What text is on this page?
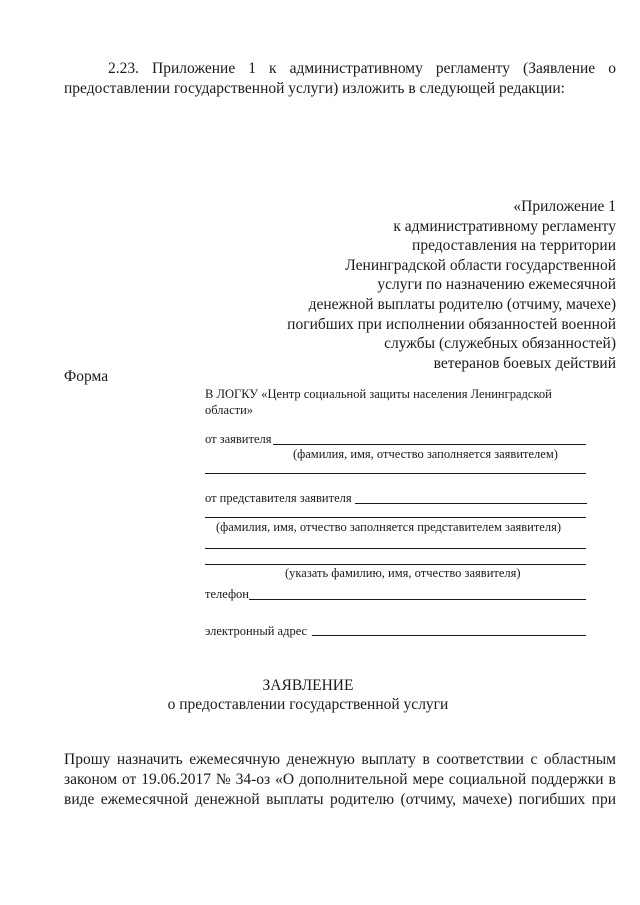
2.23. Приложение 1 к административному регламенту (Заявление о
предоставлении государственной услуги) изложить в следующей редакции:
«Приложение 1
к административному регламенту
предоставления на территории
Ленинградской области государственной
услуги по назначению ежемесячной
денежной выплаты родителю (отчиму, мачехе)
погибших при исполнении обязанностей военной
службы (служебных обязанностей)
ветеранов боевых действий
Форма
В ЛОГКУ «Центр социальной защиты населения Ленинградской
области»
от заявителя
(фамилия, имя, отчество заполняется заявителем)
от представителя заявителя
(фамилия, имя, отчество заполняется представителем заявителя)
(указать фамилию, имя, отчество заявителя)
телефон
электронный адрес
ЗАЯВЛЕНИЕ
о предоставлении государственной услуги
Прошу назначить ежемесячную денежную выплату в соответствии с областным
законом от 19.06.2017 № 34-оз «О дополнительной мере социальной поддержки в
виде ежемесячной денежной выплаты родителю (отчиму, мачехе) погибших при
